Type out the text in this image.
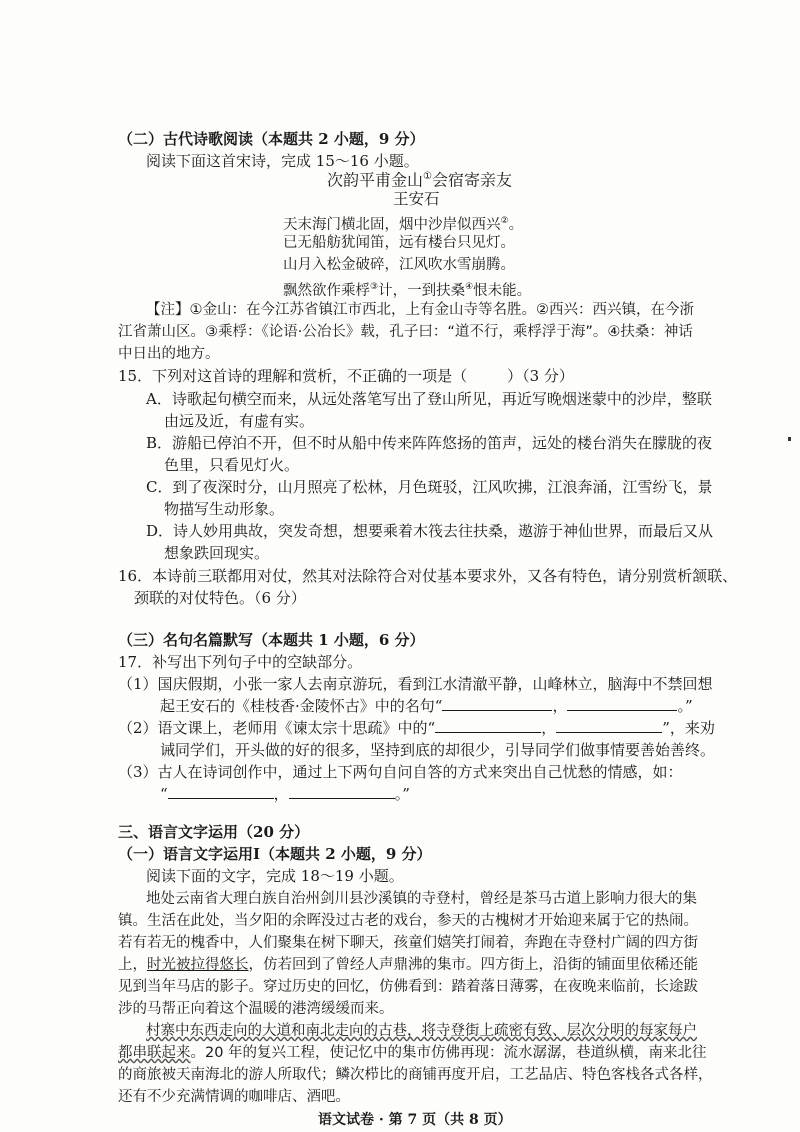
（二）古代诗歌阅读（本题共 2 小题，9 分）
阅读下面这首宋诗，完成 15～16 小题。
次韵平甫金山①会宿寄亲友
王安石
天末海门横北固，烟中沙岸似西兴②。
已无船舫犹闻笛，远有楼台只见灯。
山月入松金破碎，江风吹水雪崩腾。
飘然欲作乘桴③计，一到扶桑④恨未能。
【注】①金山：在今江苏省镇江市西北，上有金山寺等名胜。②西兴：西兴镇，在今浙
江省萧山区。③乘桴：《论语·公冶长》载，孔子曰：“道不行，乘桴浮于海”。④扶桑：神话
中日出的地方。
15．下列对这首诗的理解和赏析，不正确的一项是（	）（3 分）
A．诗歌起句横空而来，从远处落笔写出了登山所见，再近写晚烟迷蒙中的沙岸，整联
由远及近，有虚有实。
B．游船已停泊不开，但不时从船中传来阵阵悠扬的笛声，远处的楼台消失在朦胧的夜
色里，只看见灯火。
C．到了夜深时分，山月照亮了松林，月色斑驳，江风吹拂，江浪奔涌，江雪纷飞，景
物描写生动形象。
D．诗人妙用典故，突发奇想，想要乘着木筏去往扶桑，遨游于神仙世界，而最后又从
想象跌回现实。
16．本诗前三联都用对仗，然其对法除符合对仗基本要求外，又各有特色，请分别赏析颔联、
颈联的对仗特色。（6 分）
（三）名句名篇默写（本题共 1 小题，6 分）
17．补写出下列句子中的空缺部分。
（1）国庆假期，小张一家人去南京游玩，看到江水清澈平静，山峰林立，脑海中不禁回想
起王安石的《桂枝香·金陵怀古》中的名句“	，	。”
（2）语文课上，老师用《谏太宗十思疏》中的“	，	”，来劝
诫同学们，开头做的好的很多，坚持到底的却很少，引导同学们做事情要善始善终。
（3）古人在诗词创作中，通过上下两句自问自答的方式来突出自己忧愁的情感，如：
“	，	。”
三、语言文字运用（20 分）
（一）语言文字运用Ⅰ（本题共 2 小题，9 分）
阅读下面的文字，完成 18～19 小题。
地处云南省大理白族自治州剑川县沙溪镇的寺登村，曾经是茶马古道上影响力很大的集
镇。生活在此处，当夕阳的余晖没过古老的戏台，参天的古槐树才开始迎来属于它的热闹。
若有若无的槐香中，人们聚集在树下聊天，孩童们嬉笑打闹着，奔跑在寺登村广阔的四方街
上，时光被拉得悠长，仿若回到了曾经人声鼎沸的集市。四方街上，沿街的铺面里依稀还能
见到当年马店的影子。穿过历史的回忆，仿佛看到：踏着落日薄雾，在夜晚来临前，长途跋
涉的马帮正向着这个温暖的港湾缓缓而来。
村寨中东西走向的大道和南北走向的古巷，将寺登街上疏密有致、层次分明的每家每户
都串联起来。20 年的复兴工程，使记忆中的集市仿佛再现：流水潺潺，巷道纵横，南来北往
的商旅被天南海北的游人所取代；鳞次栉比的商铺再度开启，工艺品店、特色客栈各式各样，
还有不少充满情调的咖啡店、酒吧。
语文试卷 · 第 7 页（共 8 页）
